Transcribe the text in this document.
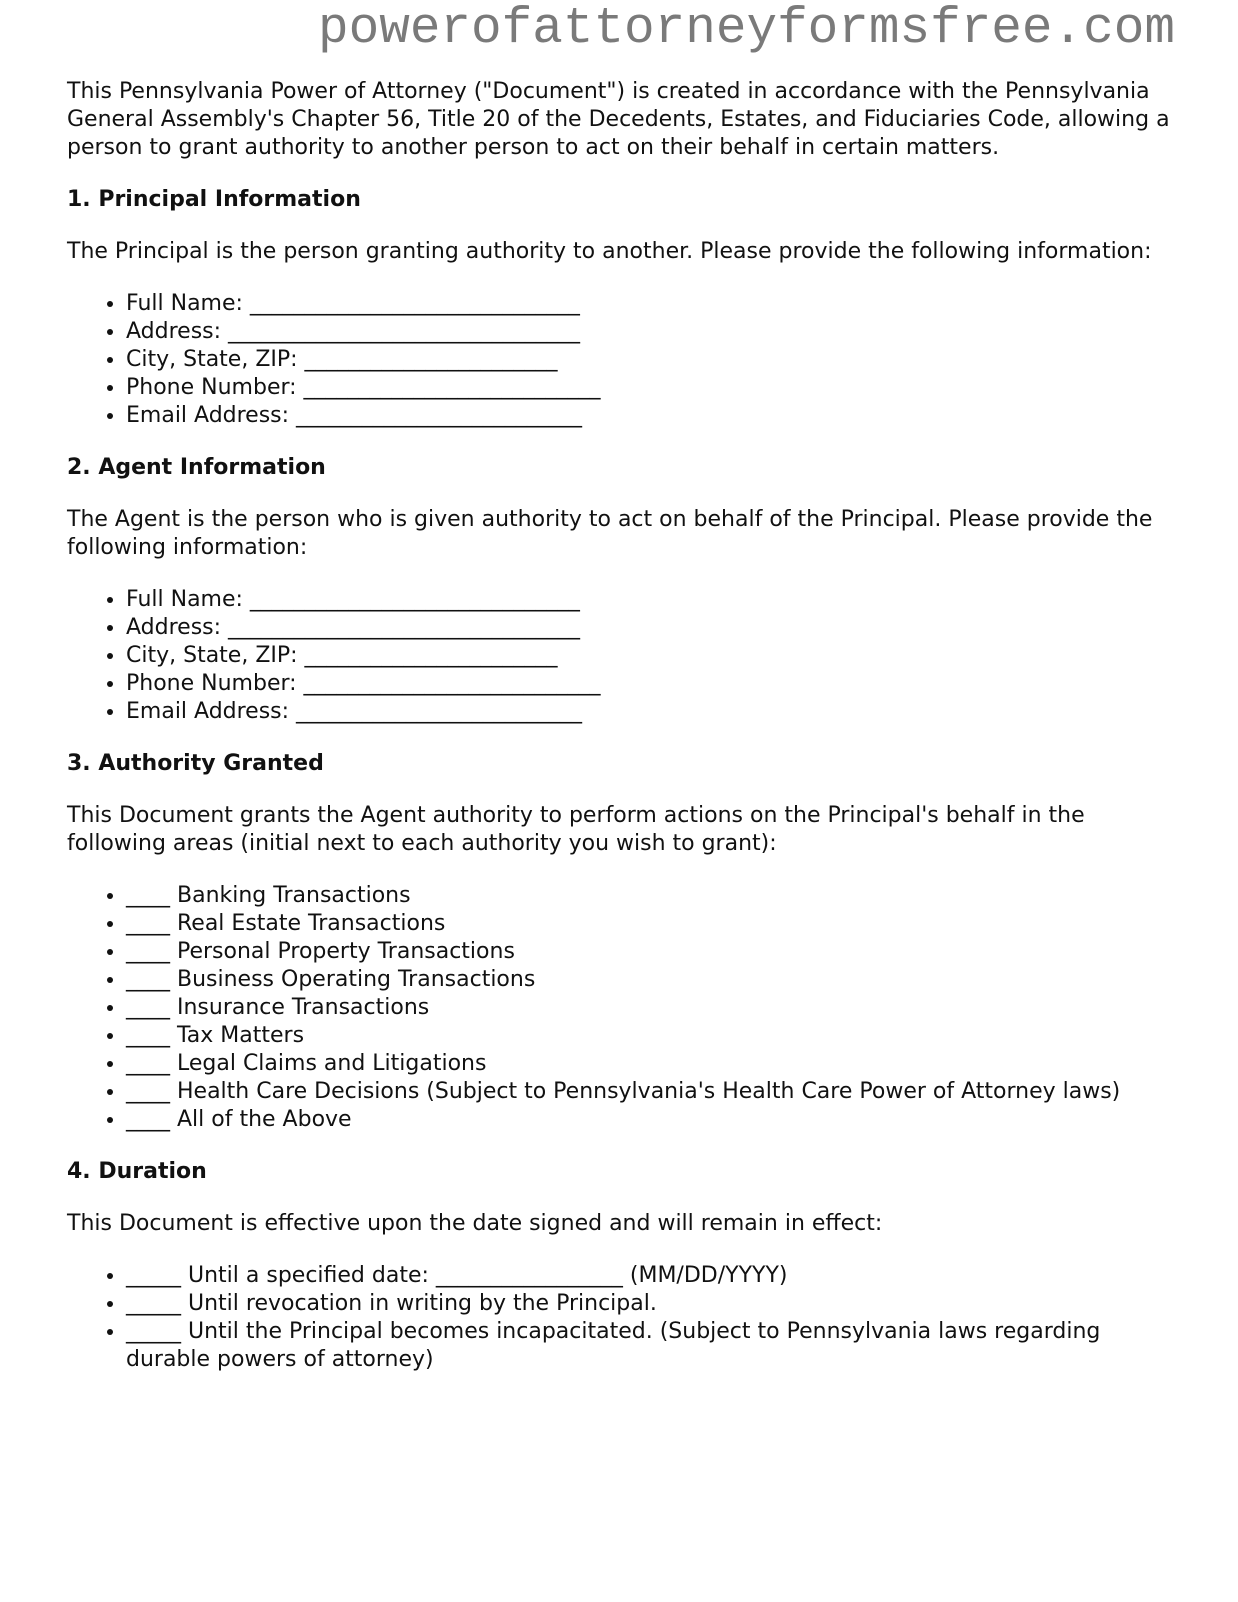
powerofattorneyformsfree.com

This Pennsylvania Power of Attorney ("Document") is created in accordance with the Pennsylvania General Assembly's Chapter 56, Title 20 of the Decedents, Estates, and Fiduciaries Code, allowing a person to grant authority to another person to act on their behalf in certain matters.

1. Principal Information

The Principal is the person granting authority to another. Please provide the following information:

• Full Name: ______________________________
• Address: ________________________________
• City, State, ZIP: _______________________
• Phone Number: ___________________________
• Email Address: __________________________
2. Agent Information

The Agent is the person who is given authority to act on behalf of the Principal. Please provide the following information:

• Full Name: ______________________________
• Address: ________________________________
• City, State, ZIP: _______________________
• Phone Number: ___________________________
• Email Address: __________________________
3. Authority Granted

This Document grants the Agent authority to perform actions on the Principal's behalf in the following areas (initial next to each authority you wish to grant):

• ____ Banking Transactions
• ____ Real Estate Transactions
• ____ Personal Property Transactions
• ____ Business Operating Transactions
• ____ Insurance Transactions
• ____ Tax Matters
• ____ Legal Claims and Litigations
• ____ Health Care Decisions (Subject to Pennsylvania's Health Care Power of Attorney laws)
• ____ All of the Above
4. Duration

This Document is effective upon the date signed and will remain in effect:

• _____ Until a specified date: _________________ (MM/DD/YYYY)
• _____ Until revocation in writing by the Principal.
• _____ Until the Principal becomes incapacitated. (Subject to Pennsylvania laws regarding durable powers of attorney)
